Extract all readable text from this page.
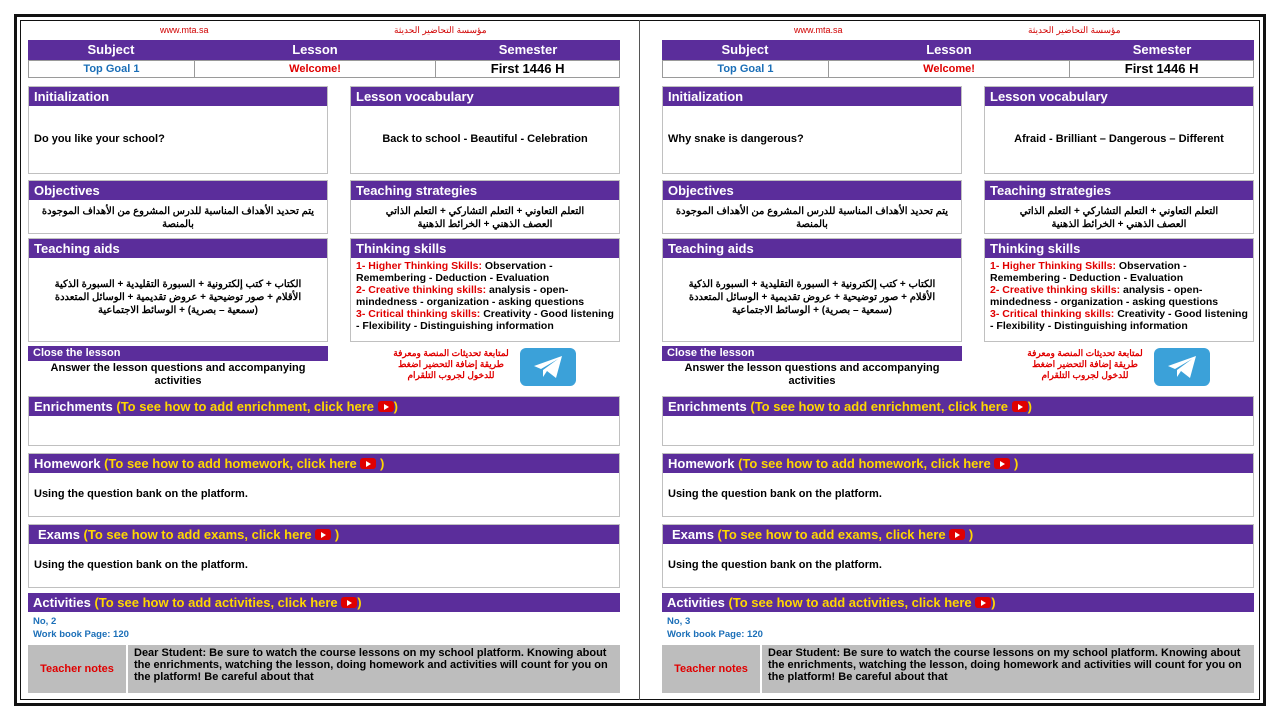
www.mta.sa	مؤسسة التحاضير الحديثة
Subject	Lesson	Semester
Top Goal 1	Welcome!	First 1446 H
Initialization
Do you like your school?
Lesson vocabulary
Back to school - Beautiful - Celebration
Objectives
يتم تحديد الأهداف المناسبة للدرس المشروع من الأهداف الموجودة بالمنصة
Teaching strategies
التعلم التعاوني + التعلم التشاركي + التعلم الذاتي
العصف الذهني + الخرائط الذهنية
Teaching aids
الكتاب + كتب إلكترونية + السبورة التقليدية + السبورة الذكية الأقلام + صور توضيحية + عروض تقديمية + الوسائل المتعددة (سمعية – بصرية) + الوسائط الاجتماعية
Thinking skills
1- Higher Thinking Skills: Observation - Remembering - Deduction - Evaluation
2- Creative thinking skills: analysis - open-mindedness - organization - asking questions
3- Critical thinking skills: Creativity - Good listening - Flexibility - Distinguishing information
Close the lesson
Answer the lesson questions and accompanying activities
لمتابعة تحديثات المنصة ومعرفة طريقة إضافة التحضير اضغط للدخول لجروب التلقرام
Enrichments (To see how to add enrichment, click here )
Homework (To see how to add homework, click here )
Using the question bank on the platform.
Exams (To see how to add exams, click here )
Using the question bank on the platform.
Activities (To see how to add activities, click here )
No, 2
Work book Page: 120
Teacher notes
Dear Student: Be sure to watch the course lessons on my school platform. Knowing about the enrichments, watching the lesson, doing homework and activities will count for you on the platform! Be careful about that
www.mta.sa	مؤسسة التحاضير الحديثة
Subject	Lesson	Semester
Top Goal 1	Welcome!	First 1446 H
Initialization
Why snake is dangerous?
Lesson vocabulary
Afraid - Brilliant – Dangerous – Different
Objectives
يتم تحديد الأهداف المناسبة للدرس المشروع من الأهداف الموجودة بالمنصة
Teaching strategies
التعلم التعاوني + التعلم التشاركي + التعلم الذاتي
العصف الذهني + الخرائط الذهنية
Teaching aids
الكتاب + كتب إلكترونية + السبورة التقليدية + السبورة الذكية الأقلام + صور توضيحية + عروض تقديمية + الوسائل المتعددة (سمعية – بصرية) + الوسائط الاجتماعية
Thinking skills
1- Higher Thinking Skills: Observation - Remembering - Deduction - Evaluation
2- Creative thinking skills: analysis - open-mindedness - organization - asking questions
3- Critical thinking skills: Creativity - Good listening - Flexibility - Distinguishing information
Close the lesson
Answer the lesson questions and accompanying activities
لمتابعة تحديثات المنصة ومعرفة طريقة إضافة التحضير اضغط للدخول لجروب التلقرام
Enrichments (To see how to add enrichment, click here )
Homework (To see how to add homework, click here )
Using the question bank on the platform.
Exams (To see how to add exams, click here )
Using the question bank on the platform.
Activities (To see how to add activities, click here )
No, 3
Work book Page: 120
Teacher notes
Dear Student: Be sure to watch the course lessons on my school platform. Knowing about the enrichments, watching the lesson, doing homework and activities will count for you on the platform! Be careful about that
